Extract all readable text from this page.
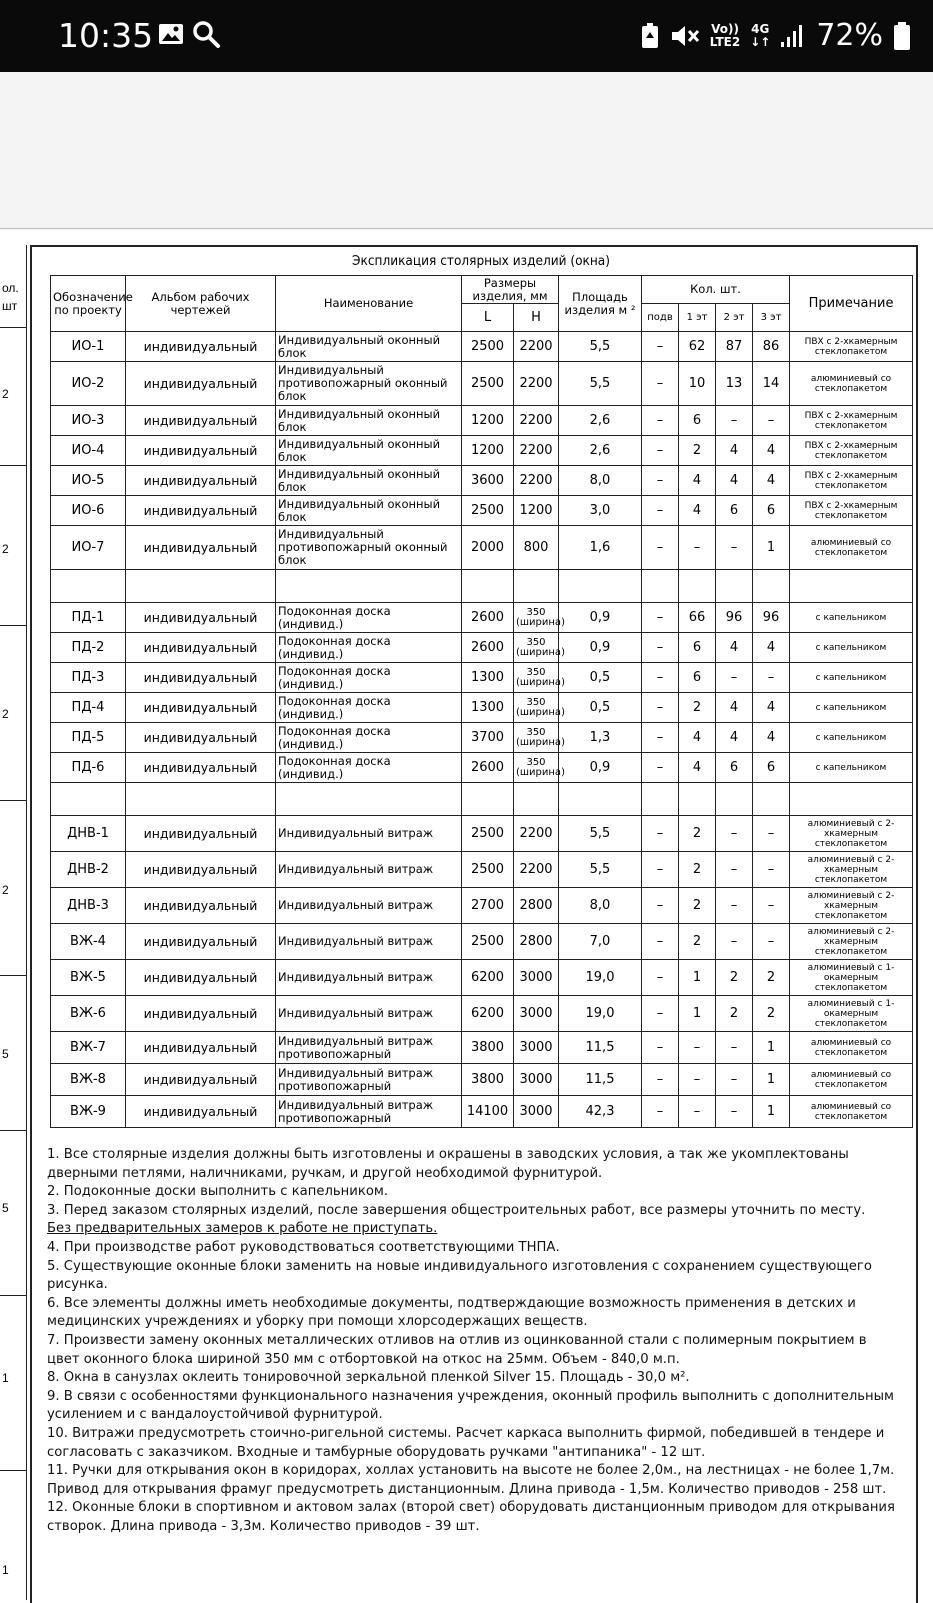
10:35	Vo))
LTE2
4G
↓↑ 72%
ол.
шт
2
2
2
2
5
5
1
1
Экспликация столярных изделий (окна)
Обозначение по проекту	Альбом рабочих чертежей	Наименование	Размеры изделия, мм		Площадь изделия м ²	Кол. шт.				Примечание
			L	H		подв	1 эт	2 эт	3 эт	
ИО-1	индивидуальный	Индивидуальный оконный блок	2500	2200	5,5	–	62	87	86	ПВХ с 2-хкамерным стеклопакетом
ИО-2	индивидуальный	Индивидуальный противопожарный оконный блок	2500	2200	5,5	–	10	13	14	алюминиевый со стеклопакетом
ИО-3	индивидуальный	Индивидуальный оконный блок	1200	2200	2,6	–	6	–	–	ПВХ с 2-хкамерным стеклопакетом
ИО-4	индивидуальный	Индивидуальный оконный блок	1200	2200	2,6	–	2	4	4	ПВХ с 2-хкамерным стеклопакетом
ИО-5	индивидуальный	Индивидуальный оконный блок	3600	2200	8,0	–	4	4	4	ПВХ с 2-хкамерным стеклопакетом
ИО-6	индивидуальный	Индивидуальный оконный блок	2500	1200	3,0	–	4	6	6	ПВХ с 2-хкамерным стеклопакетом
ИО-7	индивидуальный	Индивидуальный противопожарный оконный блок	2000	800	1,6	–	–	–	1	алюминиевый со стеклопакетом

ПД-1	индивидуальный	Подоконная доска (индивид.)	2600	350 (ширина)	0,9	–	66	96	96	с капельником
ПД-2	индивидуальный	Подоконная доска (индивид.)	2600	350 (ширина)	0,9	–	6	4	4	с капельником
ПД-3	индивидуальный	Подоконная доска (индивид.)	1300	350 (ширина)	0,5	–	6	–	–	с капельником
ПД-4	индивидуальный	Подоконная доска (индивид.)	1300	350 (ширина)	0,5	–	2	4	4	с капельником
ПД-5	индивидуальный	Подоконная доска (индивид.)	3700	350 (ширина)	1,3	–	4	4	4	с капельником
ПД-6	индивидуальный	Подоконная доска (индивид.)	2600	350 (ширина)	0,9	–	4	6	6	с капельником

ДНВ-1	индивидуальный	Индивидуальный витраж	2500	2200	5,5	–	2	–	–	алюминиевый с 2-хкамерным стеклопакетом
ДНВ-2	индивидуальный	Индивидуальный витраж	2500	2200	5,5	–	2	–	–	алюминиевый с 2-хкамерным стеклопакетом
ДНВ-3	индивидуальный	Индивидуальный витраж	2700	2800	8,0	–	2	–	–	алюминиевый с 2-хкамерным стеклопакетом
ВЖ-4	индивидуальный	Индивидуальный витраж	2500	2800	7,0	–	2	–	–	алюминиевый с 2-хкамерным стеклопакетом
ВЖ-5	индивидуальный	Индивидуальный витраж	6200	3000	19,0	–	1	2	2	алюминиевый с 1-окамерным стеклопакетом
ВЖ-6	индивидуальный	Индивидуальный витраж	6200	3000	19,0	–	1	2	2	алюминиевый с 1-окамерным стеклопакетом
ВЖ-7	индивидуальный	Индивидуальный витраж противопожарный	3800	3000	11,5	–	–	–	1	алюминиевый со стеклопакетом
ВЖ-8	индивидуальный	Индивидуальный витраж противопожарный	3800	3000	11,5	–	–	–	1	алюминиевый со стеклопакетом
ВЖ-9	индивидуальный	Индивидуальный витраж противопожарный	14100	3000	42,3	–	–	–	1	алюминиевый со стеклопакетом

1. Все столярные изделия должны быть изготовлены и окрашены в заводских условия, а так же укомплектованы дверными петлями, наличниками, ручкам, и другой необходимой фурнитурой.

2. Подоконные доски выполнить с капельником.

3. Перед заказом столярных изделий, после завершения общестроительных работ, все размеры уточнить по месту.
Без предварительных замеров к работе не приступать.

4. При производстве работ руководствоваться соответствующими ТНПА.

5. Существующие оконные блоки заменить на новые индивидуального изготовления с сохранением существующего рисунка.

6. Все элементы должны иметь необходимые документы, подтверждающие возможность применения в детских и медицинских учреждениях и уборку при помощи хлорсодержащих веществ.

7. Произвести замену оконных металлических отливов на отлив из оцинкованной стали с полимерным покрытием в цвет оконного блока шириной 350 мм с отбортовкой на откос на 25мм. Объем - 840,0 м.п.

8. Окна в санузлах оклеить тонировочной зеркальной пленкой Silver 15. Площадь - 30,0 м².

9. В связи с особенностями функционального назначения учреждения, оконный профиль выполнить с дополнительным усилением и с вандалоустойчивой фурнитурой.

10. Витражи предусмотреть стоично-ригельной системы. Расчет каркаса выполнить фирмой, победившей в тендере и согласовать с заказчиком. Входные и тамбурные оборудовать ручками "антипаника" - 12 шт.

11. Ручки для открывания окон в коридорах, холлах установить на высоте не более 2,0м., на лестницах - не более 1,7м. Привод для открывания фрамуг предусмотреть дистанционным. Длина привода - 1,5м. Количество приводов - 258 шт.

12. Оконные блоки в спортивном и актовом залах (второй свет) оборудовать дистанционным приводом для открывания створок. Длина привода - 3,3м. Количество приводов - 39 шт.
